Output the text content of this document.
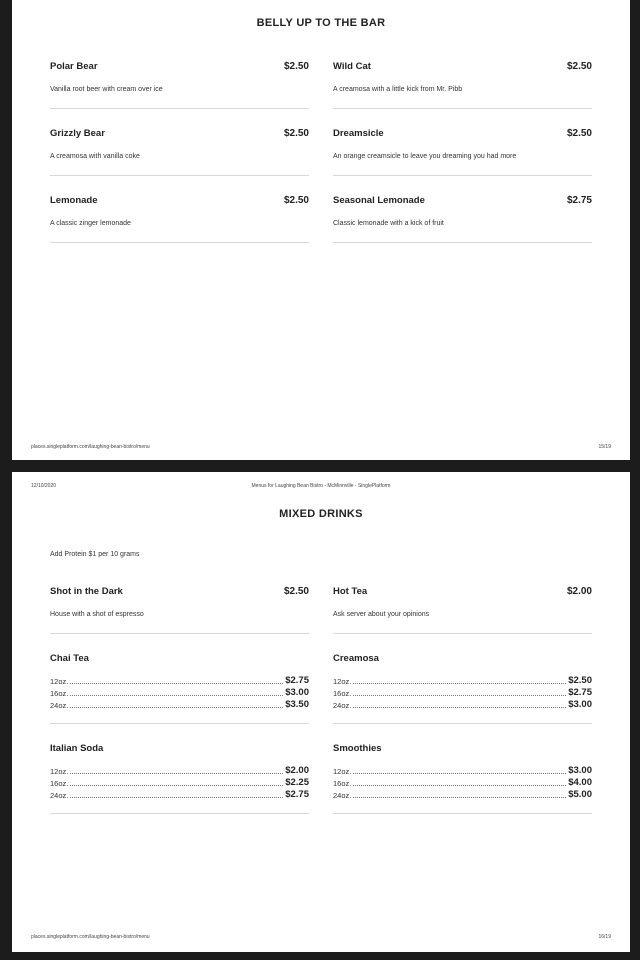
BELLY UP TO THE BAR
Polar Bear	$2.50
Vanilla root beer with cream over ice
Wild Cat	$2.50
A creamosa with a little kick from Mr. Pibb
Grizzly Bear	$2.50
A creamosa with vanilla coke
Dreamsicle	$2.50
An orange creamsicle to leave you dreaming you had more
Lemonade	$2.50
A classic zinger lemonade
Seasonal Lemonade	$2.75
Classic lemonade with a kick of fruit
places.singleplatform.com/laughing-bean-bistro/menu	15/19
12/10/2020	Menus for Laughing Bean Bistro - McMinnville - SinglePlatform
MIXED DRINKS
Add Protein $1 per 10 grams
Shot in the Dark	$2.50
House with a shot of espresso
Hot Tea	$2.00
Ask server about your opinions
Chai Tea
12oz.	$2.75
16oz.	$3.00
24oz.	$3.50
Creamosa
12oz.	$2.50
16oz.	$2.75
24oz.	$3.00
Italian Soda
12oz.	$2.00
16oz.	$2.25
24oz.	$2.75
Smoothies
12oz.	$3.00
16oz.	$4.00
24oz.	$5.00
places.singleplatform.com/laughing-bean-bistro/menu	16/19
